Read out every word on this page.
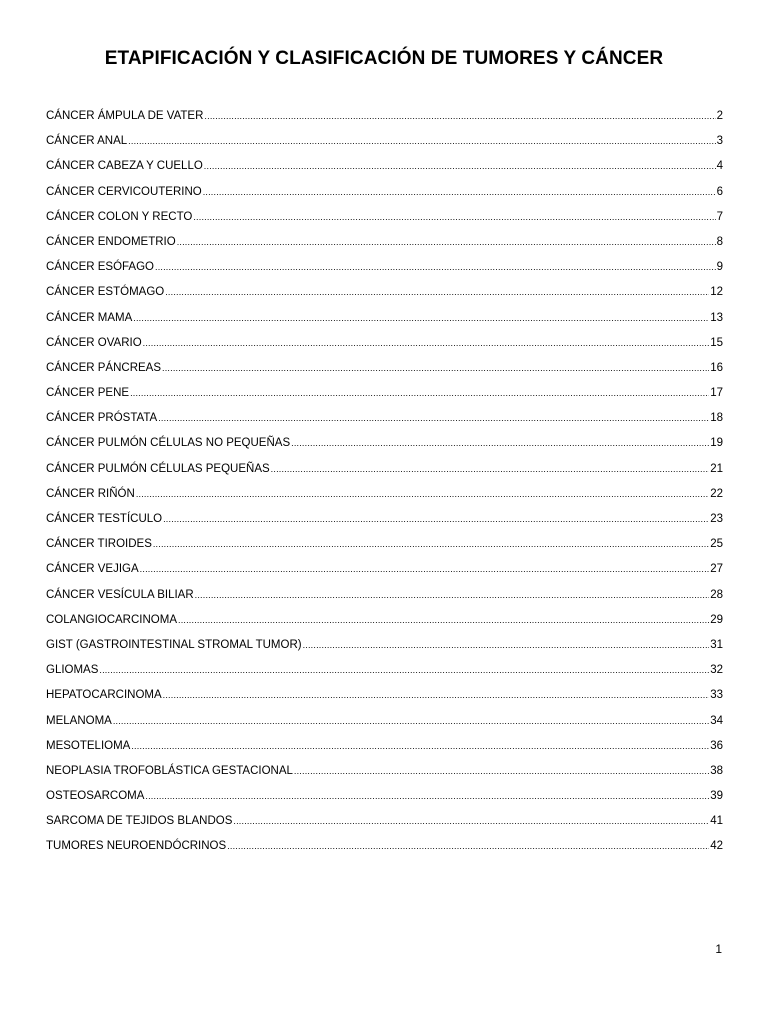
ETAPIFICACIÓN Y CLASIFICACIÓN DE TUMORES Y CÁNCER
CÁNCER ÁMPULA DE VATER .....	2
CÁNCER ANAL .....	3
CÁNCER CABEZA Y CUELLO .....	4
CÁNCER CERVICOUTERINO .....	6
CÁNCER COLON Y RECTO .....	7
CÁNCER ENDOMETRIO .....	8
CÁNCER ESÓFAGO .....	9
CÁNCER ESTÓMAGO .....	12
CÁNCER MAMA .....	13
CÁNCER OVARIO .....	15
CÁNCER PÁNCREAS .....	16
CÁNCER PENE .....	17
CÁNCER PRÓSTATA .....	18
CÁNCER PULMÓN CÉLULAS NO PEQUEÑAS .....	19
CÁNCER PULMÓN CÉLULAS PEQUEÑAS .....	21
CÁNCER RIÑÓN .....	22
CÁNCER TESTÍCULO .....	23
CÁNCER TIROIDES .....	25
CÁNCER VEJIGA .....	27
CÁNCER VESÍCULA BILIAR .....	28
COLANGIOCARCINOMA .....	29
GIST (GASTROINTESTINAL STROMAL TUMOR) .....	31
GLIOMAS .....	32
HEPATOCARCINOMA .....	33
MELANOMA .....	34
MESOTELIOMA .....	36
NEOPLASIA TROFOBLÁSTICA GESTACIONAL .....	38
OSTEOSARCOMA .....	39
SARCOMA DE TEJIDOS BLANDOS .....	41
TUMORES NEUROENDÓCRINOS .....	42
1
